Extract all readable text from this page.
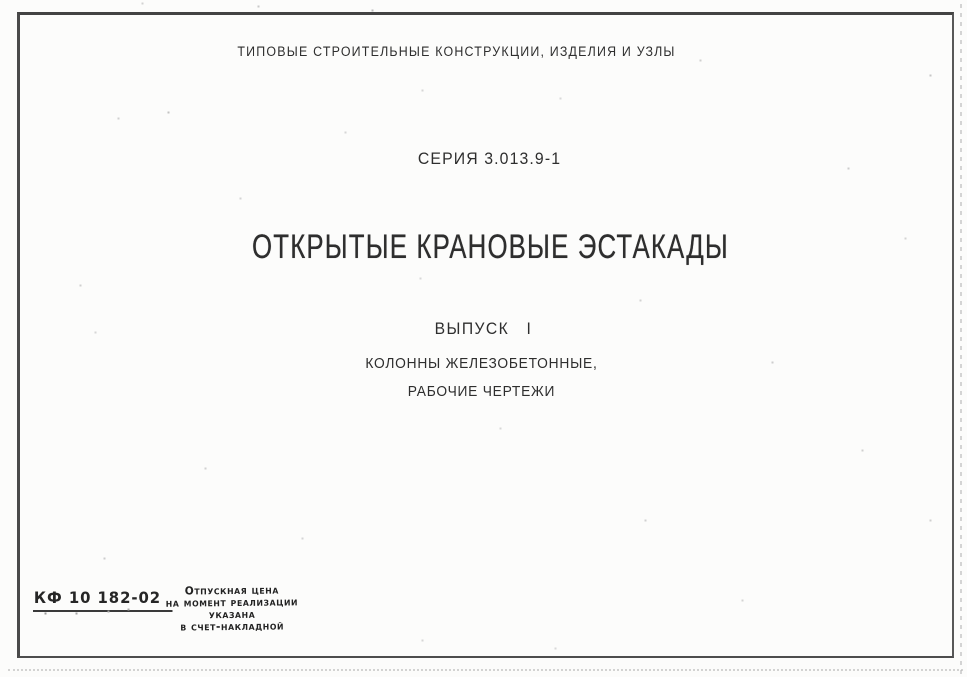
ТИПОВЫЕ СТРОИТЕЛЬНЫЕ КОНСТРУКЦИИ, ИЗДЕЛИЯ И УЗЛЫ
СЕРИЯ 3.013.9-1
ОТКРЫТЫЕ КРАНОВЫЕ ЭСТАКАДЫ
ВЫПУСК   I
КОЛОННЫ ЖЕЛЕЗОБЕТОННЫЕ,
РАБОЧИЕ ЧЕРТЕЖИ
КФ 10 182-02	Отпускная цена
на момент реализации
указана
в счет-накладной
